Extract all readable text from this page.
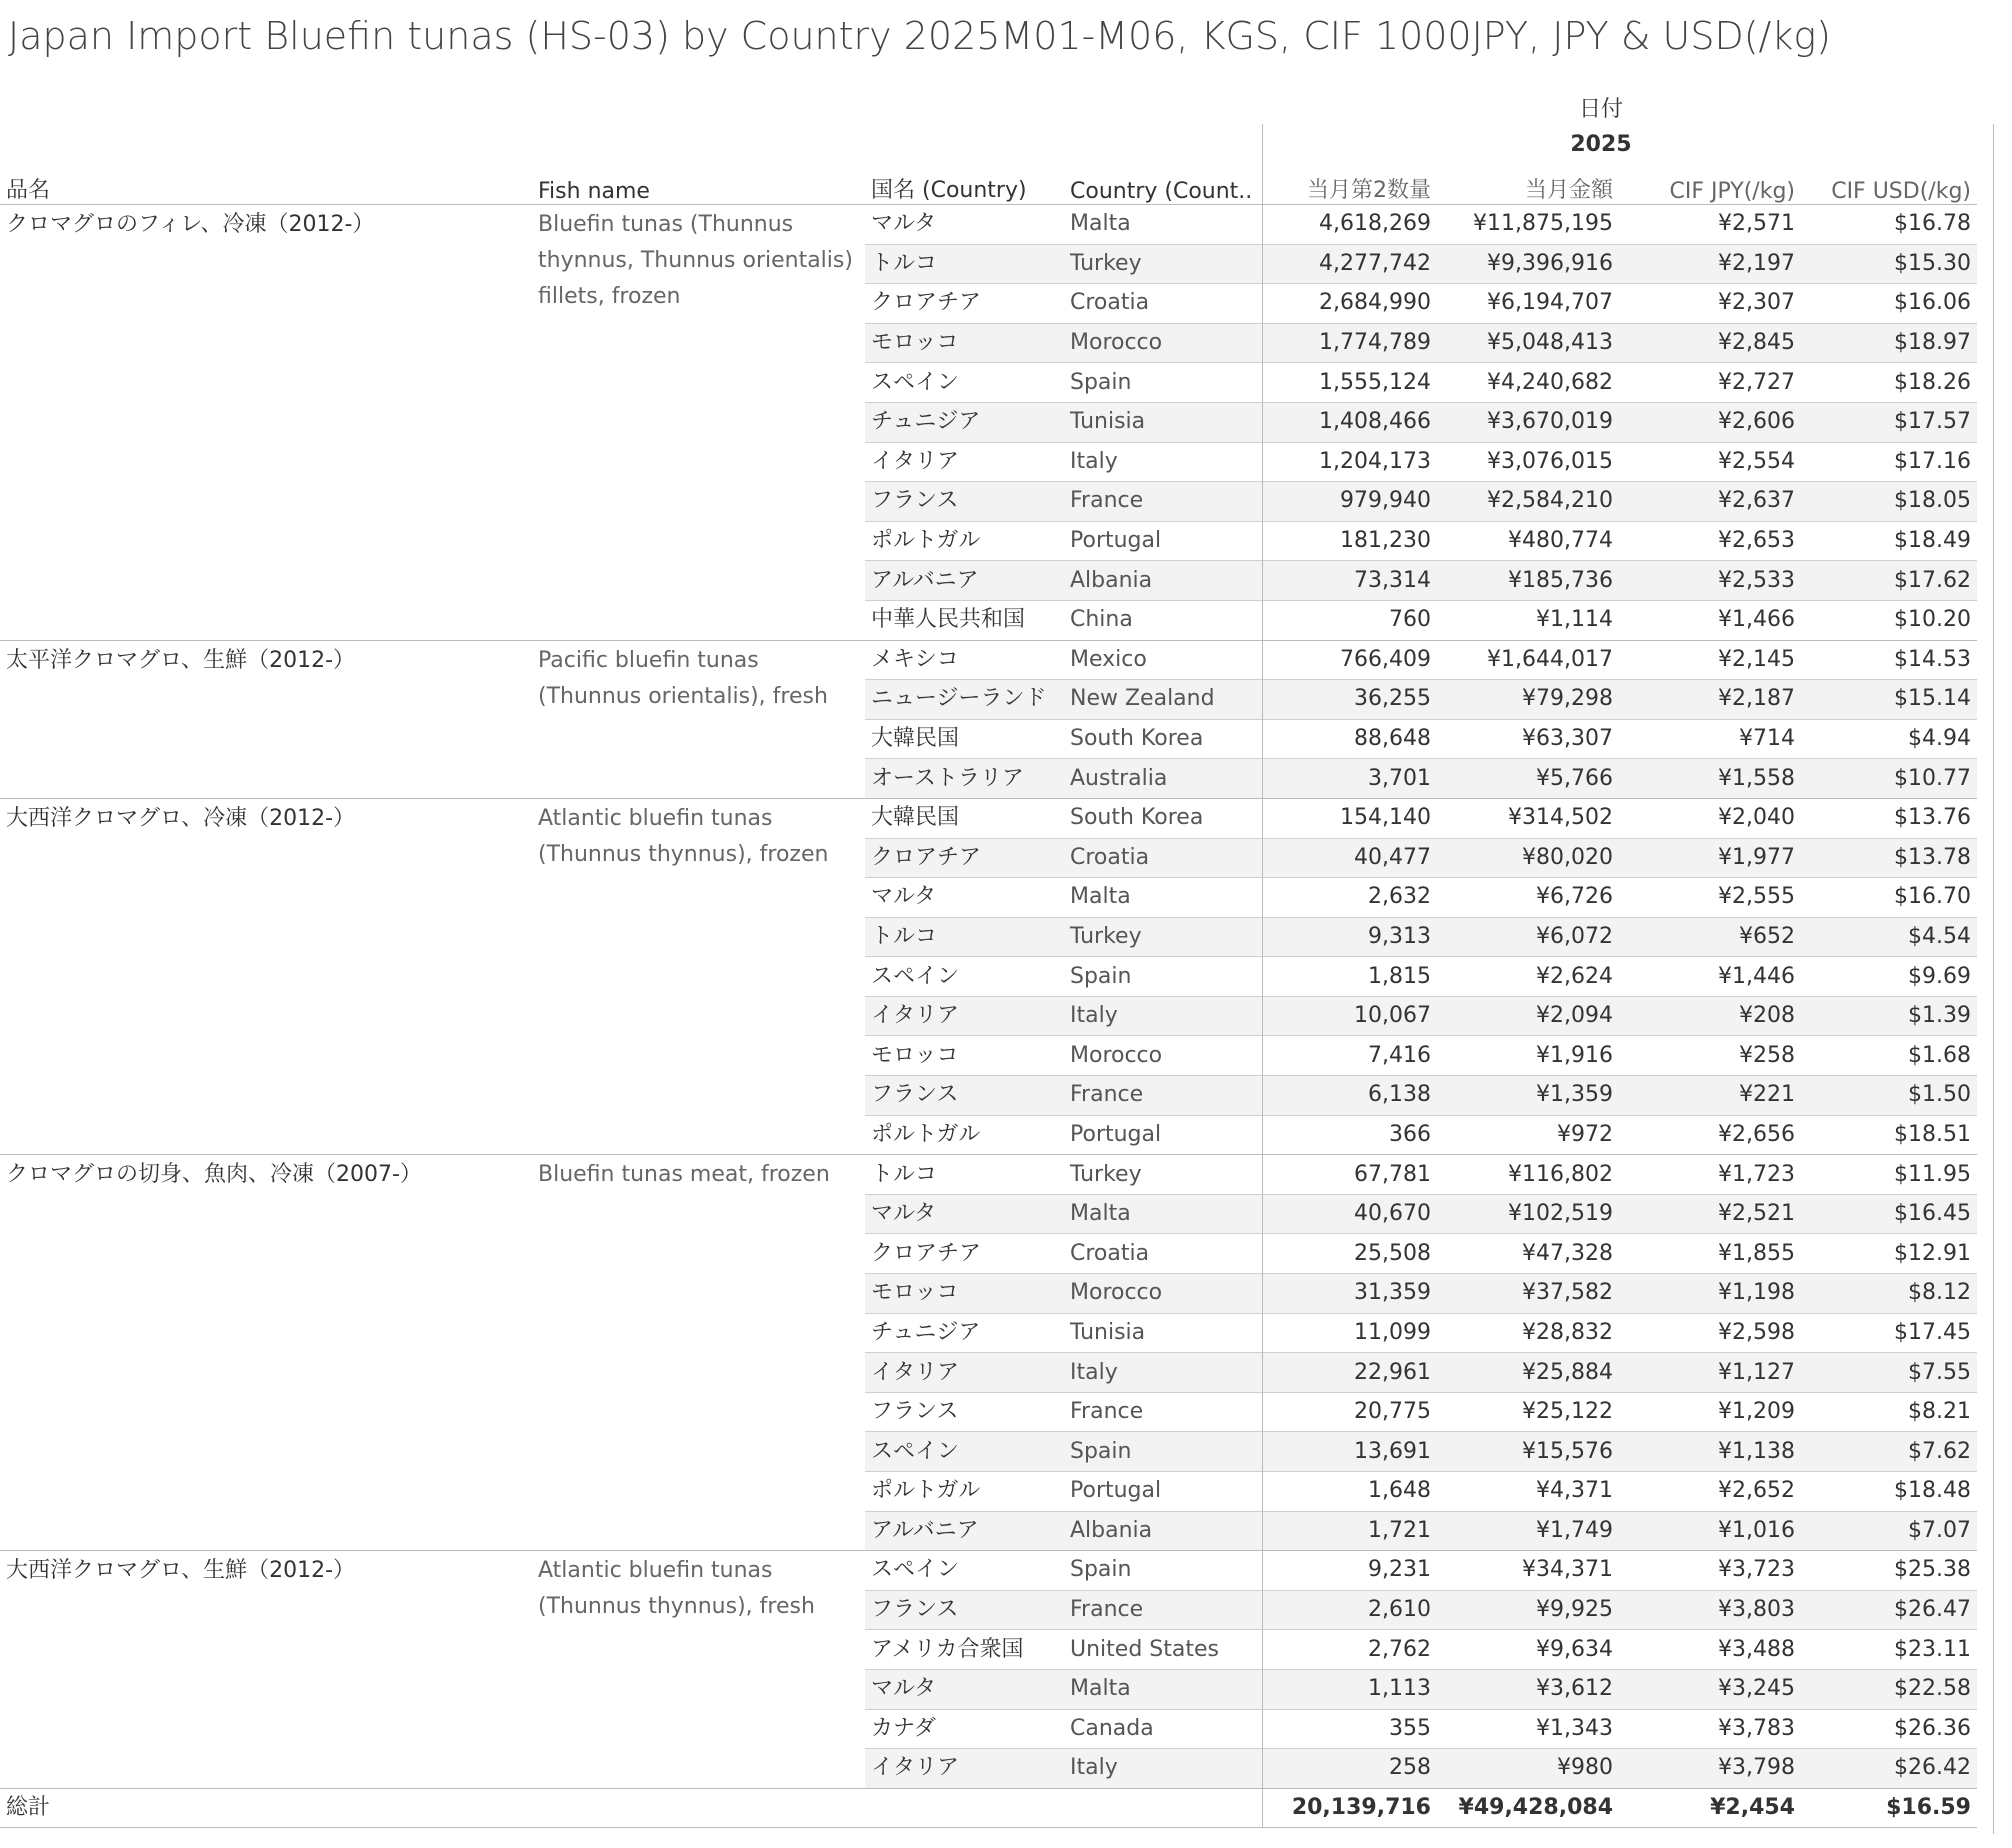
Japan Import Bluefin tunas (HS-03) by Country 2025M01-M06, KGS, CIF 1000JPY, JPY & USD(/kg)
日付
2025
品名	Fish name	国名 (Country)	Country (Count..	当月第2数量	当月金額	CIF JPY(/kg)	CIF USD(/kg)
クロマグロのフィレ、冷凍（2012-）	Bluefin tunas (Thunnus thynnus, Thunnus orientalis) fillets, frozen	マルタ	Malta	4,618,269	¥11,875,195	¥2,571	$16.78
		トルコ	Turkey	4,277,742	¥9,396,916	¥2,197	$15.30
		クロアチア	Croatia	2,684,990	¥6,194,707	¥2,307	$16.06
		モロッコ	Morocco	1,774,789	¥5,048,413	¥2,845	$18.97
		スペイン	Spain	1,555,124	¥4,240,682	¥2,727	$18.26
		チュニジア	Tunisia	1,408,466	¥3,670,019	¥2,606	$17.57
		イタリア	Italy	1,204,173	¥3,076,015	¥2,554	$17.16
		フランス	France	979,940	¥2,584,210	¥2,637	$18.05
		ポルトガル	Portugal	181,230	¥480,774	¥2,653	$18.49
		アルバニア	Albania	73,314	¥185,736	¥2,533	$17.62
		中華人民共和国	China	760	¥1,114	¥1,466	$10.20
太平洋クロマグロ、生鮮（2012-）	Pacific bluefin tunas (Thunnus orientalis), fresh	メキシコ	Mexico	766,409	¥1,644,017	¥2,145	$14.53
		ニュージーランド	New Zealand	36,255	¥79,298	¥2,187	$15.14
		大韓民国	South Korea	88,648	¥63,307	¥714	$4.94
		オーストラリア	Australia	3,701	¥5,766	¥1,558	$10.77
大西洋クロマグロ、冷凍（2012-）	Atlantic bluefin tunas (Thunnus thynnus), frozen	大韓民国	South Korea	154,140	¥314,502	¥2,040	$13.76
		クロアチア	Croatia	40,477	¥80,020	¥1,977	$13.78
		マルタ	Malta	2,632	¥6,726	¥2,555	$16.70
		トルコ	Turkey	9,313	¥6,072	¥652	$4.54
		スペイン	Spain	1,815	¥2,624	¥1,446	$9.69
		イタリア	Italy	10,067	¥2,094	¥208	$1.39
		モロッコ	Morocco	7,416	¥1,916	¥258	$1.68
		フランス	France	6,138	¥1,359	¥221	$1.50
		ポルトガル	Portugal	366	¥972	¥2,656	$18.51
クロマグロの切身、魚肉、冷凍（2007-）	Bluefin tunas meat, frozen	トルコ	Turkey	67,781	¥116,802	¥1,723	$11.95
		マルタ	Malta	40,670	¥102,519	¥2,521	$16.45
		クロアチア	Croatia	25,508	¥47,328	¥1,855	$12.91
		モロッコ	Morocco	31,359	¥37,582	¥1,198	$8.12
		チュニジア	Tunisia	11,099	¥28,832	¥2,598	$17.45
		イタリア	Italy	22,961	¥25,884	¥1,127	$7.55
		フランス	France	20,775	¥25,122	¥1,209	$8.21
		スペイン	Spain	13,691	¥15,576	¥1,138	$7.62
		ポルトガル	Portugal	1,648	¥4,371	¥2,652	$18.48
		アルバニア	Albania	1,721	¥1,749	¥1,016	$7.07
大西洋クロマグロ、生鮮（2012-）	Atlantic bluefin tunas (Thunnus thynnus), fresh	スペイン	Spain	9,231	¥34,371	¥3,723	$25.38
		フランス	France	2,610	¥9,925	¥3,803	$26.47
		アメリカ合衆国	United States	2,762	¥9,634	¥3,488	$23.11
		マルタ	Malta	1,113	¥3,612	¥3,245	$22.58
		カナダ	Canada	355	¥1,343	¥3,783	$26.36
		イタリア	Italy	258	¥980	¥3,798	$26.42
総計				20,139,716	¥49,428,084	¥2,454	$16.59
